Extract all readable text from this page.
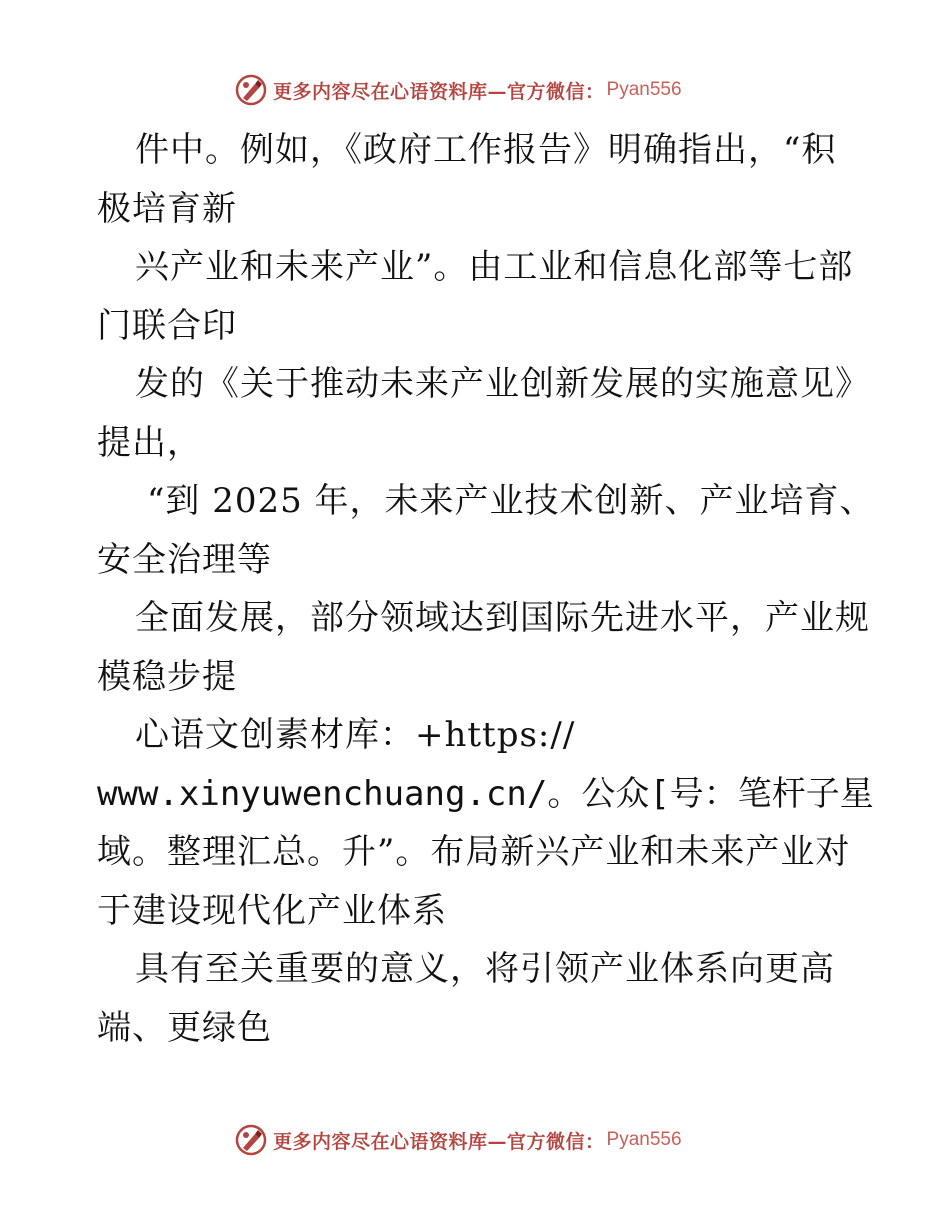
更多内容尽在心语资料库—官方微信： Pyan556
件中。例如，《政府工作报告》明确指出，“积
极培育新
兴产业和未来产业”。由工业和信息化部等七部
门联合印
发的《关于推动未来产业创新发展的实施意见》
提出，
“到 2025 年，未来产业技术创新、产业培育、
安全治理等
全面发展，部分领域达到国际先进水平，产业规
模稳步提
心语文创素材库：+https://
www.xinyuwenchuang.cn/。公众[号：笔杆子星
域。整理汇总。升”。布局新兴产业和未来产业对
于建设现代化产业体系
具有至关重要的意义，将引领产业体系向更高
端、更绿色
更多内容尽在心语资料库—官方微信： Pyan556
